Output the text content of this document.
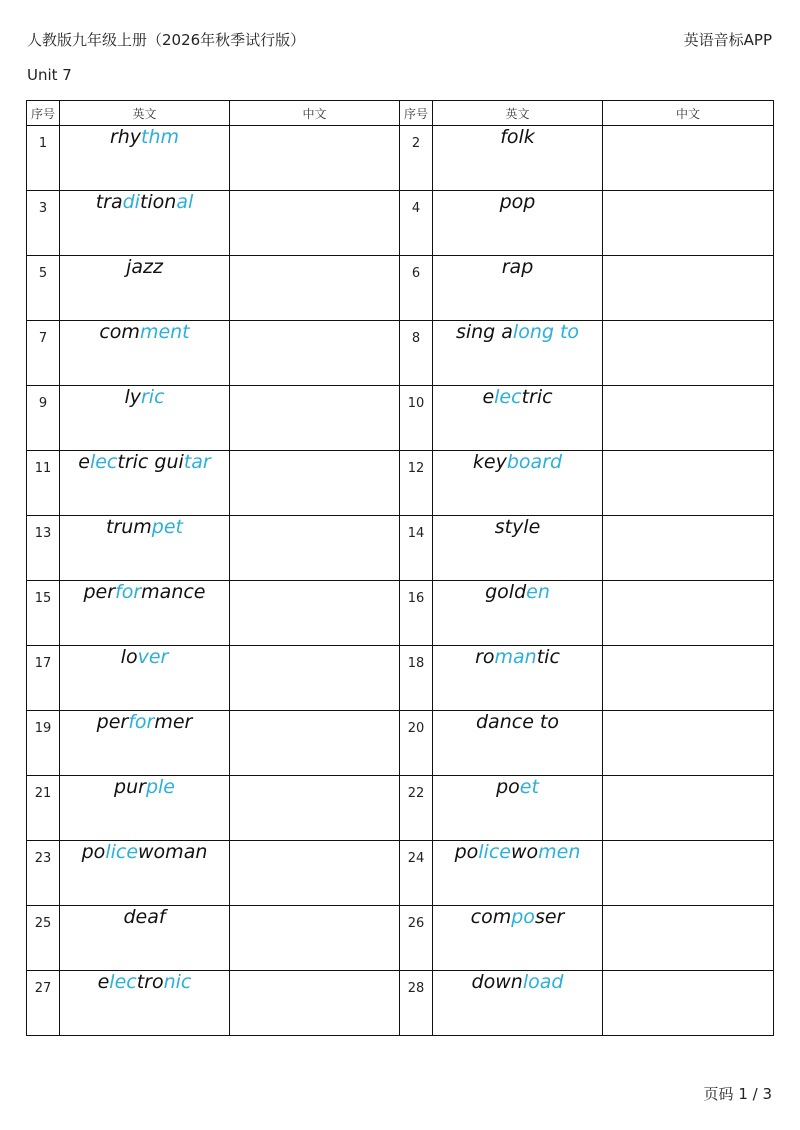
人教版九年级上册（2026年秋季试行版）	英语音标APP
Unit 7
序号	英文	中文	序号	英文	中文
1	rhythm		2	folk	
3	traditional		4	pop	
5	jazz		6	rap	
7	comment		8	sing along to	
9	lyric		10	electric	
11	electric guitar		12	keyboard	
13	trumpet		14	style	
15	performance		16	golden	
17	lover		18	romantic	
19	performer		20	dance to	
21	purple		22	poet	
23	policewoman		24	policewomen	
25	deaf		26	composer	
27	electronic		28	download	
页码 1 / 3
